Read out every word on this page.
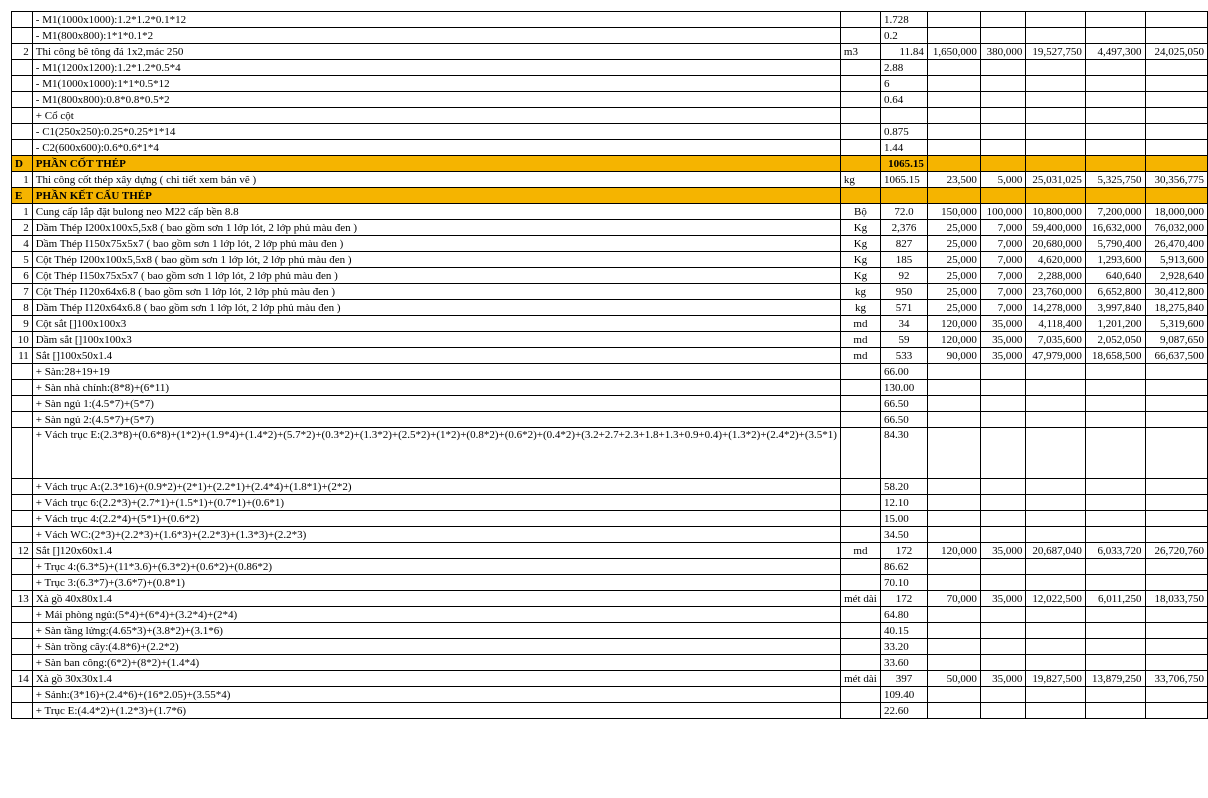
	- M1(1000x1000):1.2*1.2*0.1*12		1.728					
	- M1(800x800):1*1*0.1*2		0.2					
2	Thi công bê tông đá 1x2,mác 250	m3	11.84	1,650,000	380,000	19,527,750	4,497,300	24,025,050
	- M1(1200x1200):1.2*1.2*0.5*4		2.88					
	- M1(1000x1000):1*1*0.5*12		6					
	- M1(800x800):0.8*0.8*0.5*2		0.64					
	+ Cổ cột							
	- C1(250x250):0.25*0.25*1*14		0.875					
	- C2(600x600):0.6*0.6*1*4		1.44					
D	PHẦN CỐT THÉP		1065.15					
1	Thi công cốt thép xây dựng ( chi tiết xem bản vẽ )	kg	1065.15	23,500	5,000	25,031,025	5,325,750	30,356,775
E	PHẦN KẾT CẤU THÉP							
1	Cung cấp lắp đặt bulong neo M22 cấp bền 8.8	Bộ	72.0	150,000	100,000	10,800,000	7,200,000	18,000,000
2	Dầm Thép I200x100x5,5x8 ( bao gồm sơn 1 lớp lót, 2 lớp phủ màu đen )	Kg	2,376	25,000	7,000	59,400,000	16,632,000	76,032,000
4	Dầm Thép I150x75x5x7 ( bao gồm sơn 1 lớp lót, 2 lớp phủ màu đen )	Kg	827	25,000	7,000	20,680,000	5,790,400	26,470,400
5	Cột Thép I200x100x5,5x8 ( bao gồm sơn 1 lớp lót, 2 lớp phủ màu đen )	Kg	185	25,000	7,000	4,620,000	1,293,600	5,913,600
6	Cột Thép I150x75x5x7 ( bao gồm sơn 1 lớp lót, 2 lớp phủ màu đen )	Kg	92	25,000	7,000	2,288,000	640,640	2,928,640
7	Cột Thép I120x64x6.8 ( bao gồm sơn 1 lớp lót, 2 lớp phủ màu đen )	kg	950	25,000	7,000	23,760,000	6,652,800	30,412,800
8	Dầm Thép I120x64x6.8 ( bao gồm sơn 1 lớp lót, 2 lớp phủ màu đen )	kg	571	25,000	7,000	14,278,000	3,997,840	18,275,840
9	Cột sắt []100x100x3	md	34	120,000	35,000	4,118,400	1,201,200	5,319,600
10	Dầm sắt []100x100x3	md	59	120,000	35,000	7,035,600	2,052,050	9,087,650
11	Sắt []100x50x1.4	md	533	90,000	35,000	47,979,000	18,658,500	66,637,500
	+ Sàn:28+19+19		66.00					
	+ Sàn nhà chính:(8*8)+(6*11)		130.00					
	+ Sàn ngủ 1:(4.5*7)+(5*7)		66.50					
	+ Sàn ngủ 2:(4.5*7)+(5*7)		66.50					
	+ Vách trục E:(2.3*8)+(0.6*8)+(1*2)+(1.9*4)+(1.4*2)+(5.7*2)+(0.3*2)+(1.3*2)+(2.5*2)+(1*2)+(0.8*2)+(0.6*2)+(0.4*2)+(3.2+2.7+2.3+1.8+1.3+0.9+0.4)+(1.3*2)+(2.4*2)+(3.5*1)		84.30					
	+ Vách trục A:(2.3*16)+(0.9*2)+(2*1)+(2.2*1)+(2.4*4)+(1.8*1)+(2*2)		58.20					
	+ Vách trục 6:(2.2*3)+(2.7*1)+(1.5*1)+(0.7*1)+(0.6*1)		12.10					
	+ Vách trục 4:(2.2*4)+(5*1)+(0.6*2)		15.00					
	+ Vách WC:(2*3)+(2.2*3)+(1.6*3)+(2.2*3)+(1.3*3)+(2.2*3)		34.50					
12	Sắt []120x60x1.4	md	172	120,000	35,000	20,687,040	6,033,720	26,720,760
	+ Trục 4:(6.3*5)+(11*3.6)+(6.3*2)+(0.6*2)+(0.86*2)		86.62					
	+ Trục 3:(6.3*7)+(3.6*7)+(0.8*1)		70.10					
13	Xà gồ 40x80x1.4	mét dài	172	70,000	35,000	12,022,500	6,011,250	18,033,750
	+ Mái phòng ngủ:(5*4)+(6*4)+(3.2*4)+(2*4)		64.80					
	+ Sàn tầng lửng:(4.65*3)+(3.8*2)+(3.1*6)		40.15					
	+ Sàn trồng cây:(4.8*6)+(2.2*2)		33.20					
	+ Sàn ban công:(6*2)+(8*2)+(1.4*4)		33.60					
14	Xà gồ 30x30x1.4	mét dài	397	50,000	35,000	19,827,500	13,879,250	33,706,750
	+ Sảnh:(3*16)+(2.4*6)+(16*2.05)+(3.55*4)		109.40					
	+ Trục E:(4.4*2)+(1.2*3)+(1.7*6)		22.60					
